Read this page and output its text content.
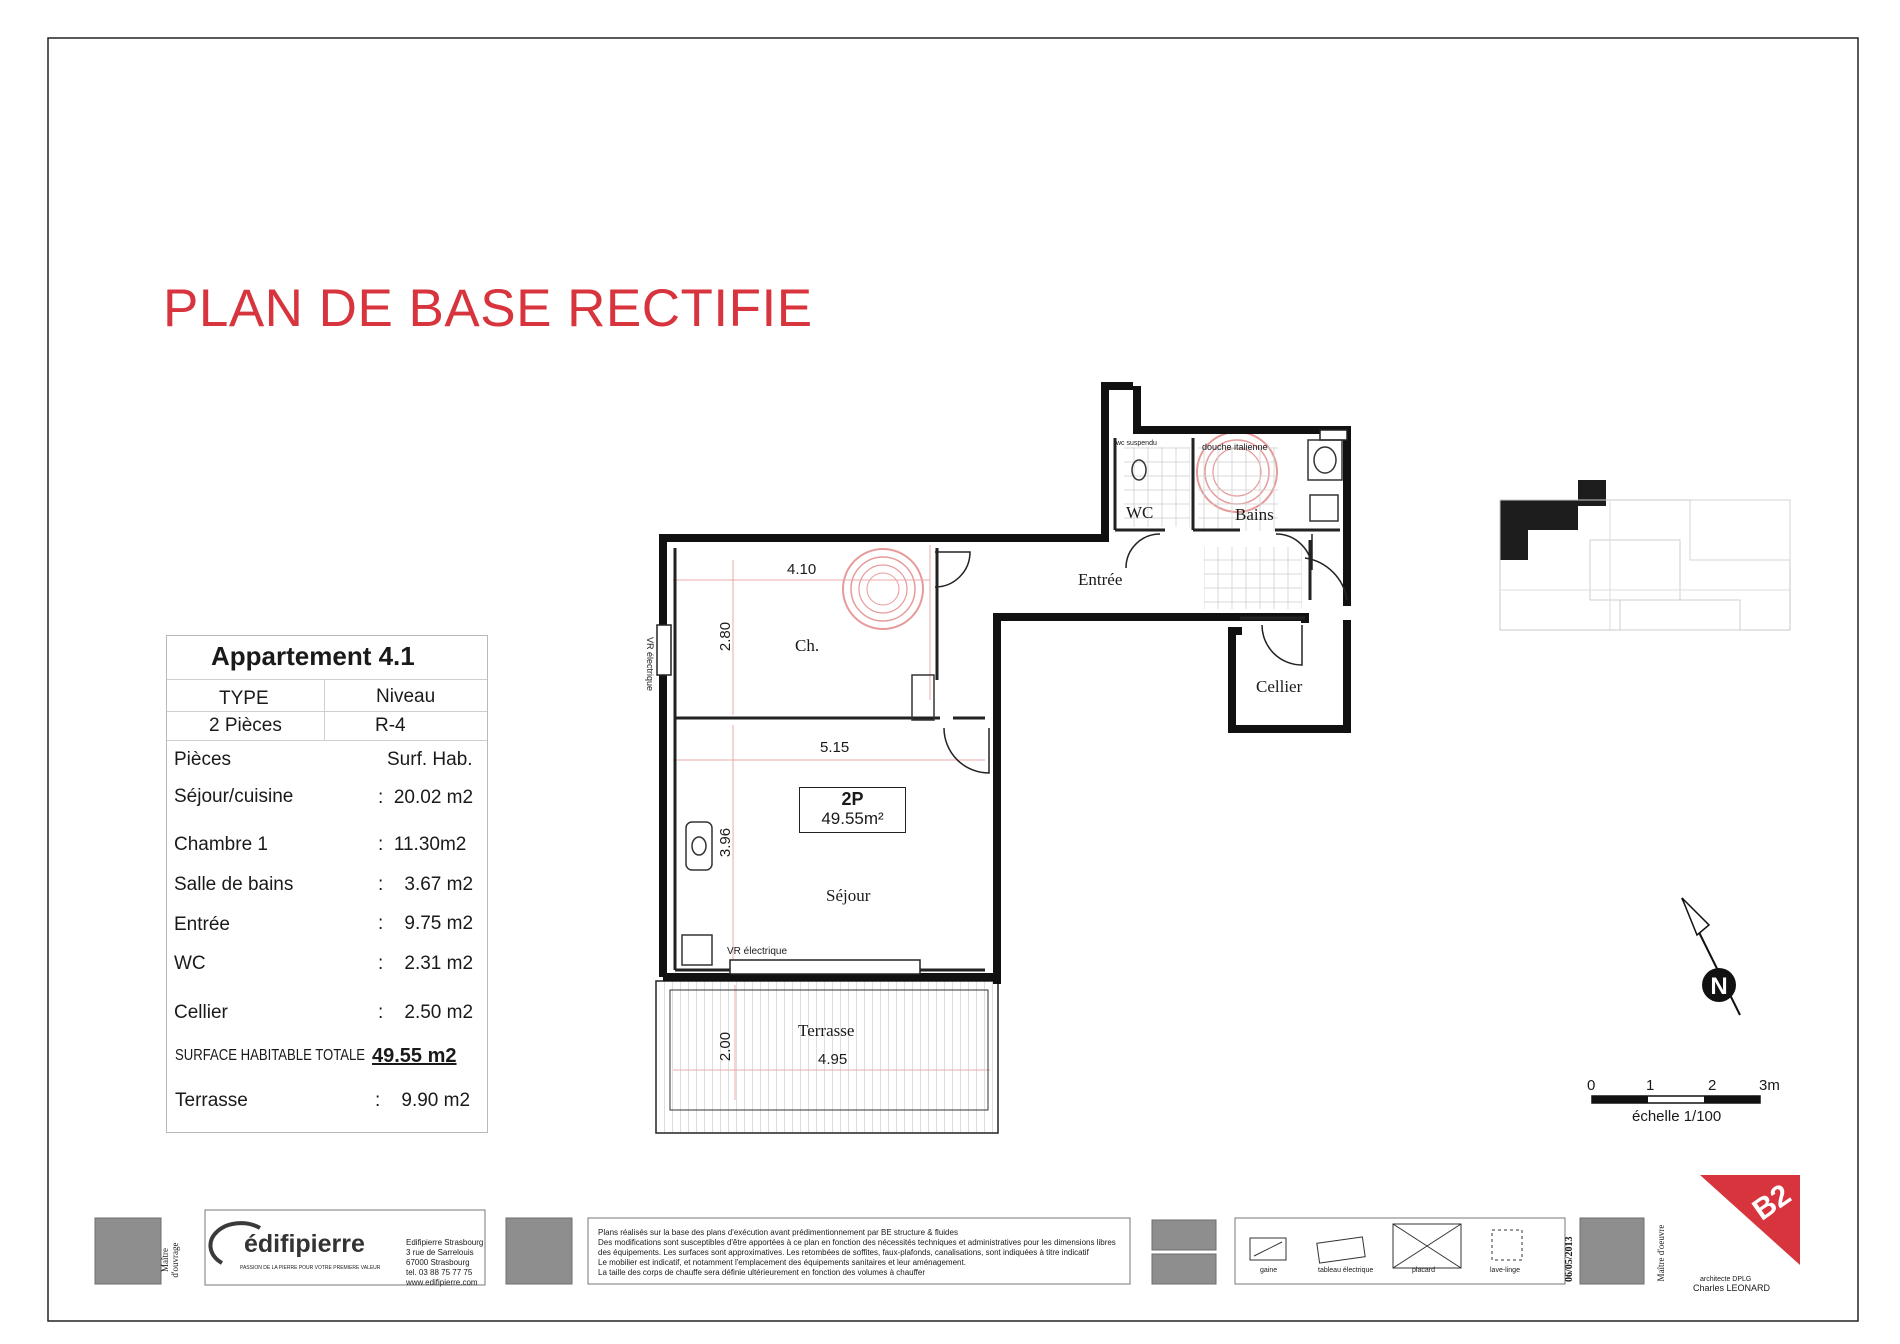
N
PLAN DE BASE RECTIFIE
Appartement 4.1
TYPE	Niveau
2 Pièces	R-4
Pièces	Surf. Hab.
Séjour/cuisine	:  20.02 m2
Chambre 1	:  11.30m2
Salle de bains	:    3.67 m2
Entrée	:    9.75 m2
WC	:    2.31 m2
Cellier	:    2.50 m2
SURFACE HABITABLE TOTALE 49.55 m2
Terrasse	:    9.90 m2
Ch.
Séjour
Terrasse
Entrée
WC	Bains
Cellier
4.10
2.80
5.15
3.96
2.00	4.95
2P
49.55m²
VR électrique
VR électrique
wc suspendu	douche italienne
0	1	2	3m
échelle 1/100
Maître d'ouvrage	édifipierre
PASSION DE LA PIERRE POUR VOTRE PREMIERE VALEUR
Edifipierre Strasbourg
3 rue de Sarrelouis
67000 Strasbourg
tel. 03 88 75 77 75
www.edifipierre.com
Plans réalisés sur la base des plans d'exécution avant prédimentionnement par BE structure & fluides
Des modifications sont susceptibles d'être apportées à ce plan en fonction des nécessités techniques et administratives pour les dimensions libres
des équipements. Les surfaces sont approximatives. Les retombées de soffites, faux-plafonds, canalisations, sont indiquées à titre indicatif
Le mobilier est indicatif, et notamment l'emplacement des équipements sanitaires et leur aménagement.
La taille des corps de chauffe sera définie ultérieurement en fonction des volumes à chauffer	gaine	tableau électrique	placard	lave-linge	06/05/2013	Maître d'oeuvre	architecte DPLG
Charles LEONARD
B2
